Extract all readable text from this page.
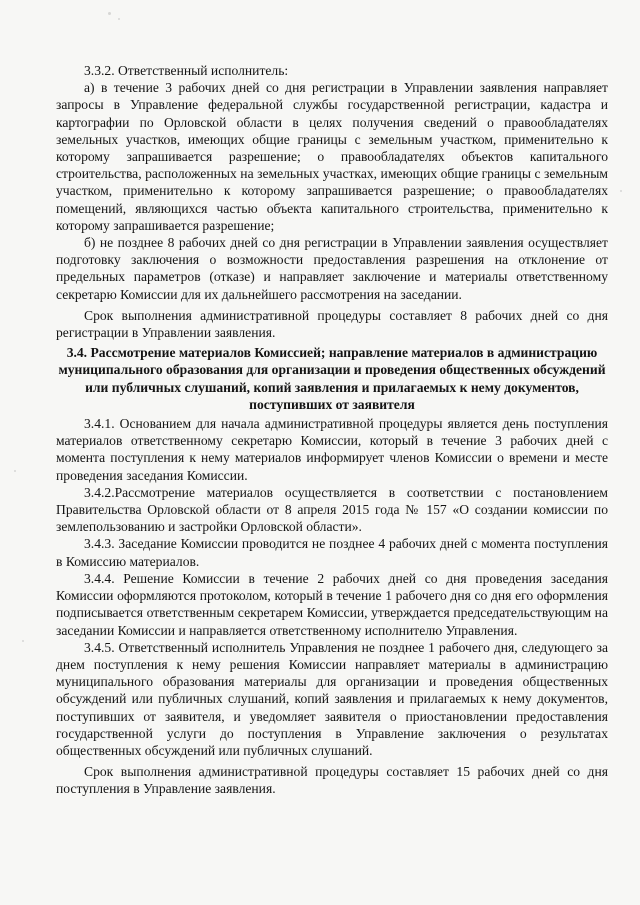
3.3.2. Ответственный исполнитель:

а) в течение 3 рабочих дней со дня регистрации в Управлении заявления направляет запросы в Управление федеральной службы государственной регистрации, кадастра и картографии по Орловской области в целях получения сведений о правообладателях земельных участков, имеющих общие границы с земельным участком, применительно к которому запрашивается разрешение; о правообладателях объектов капитального строительства, расположенных на земельных участках, имеющих общие границы с земельным участком, применительно к которому запрашивается разрешение; о правообладателях помещений, являющихся частью объекта капитального строительства, применительно к которому запрашивается разрешение;

б) не позднее 8 рабочих дней со дня регистрации в Управлении заявления осуществляет подготовку заключения о возможности предоставления разрешения на отклонение от предельных параметров (отказе) и направляет заключение и материалы ответственному секретарю Комиссии для их дальнейшего рассмотрения на заседании.

Срок выполнения административной процедуры составляет 8 рабочих дней со дня регистрации в Управлении заявления.

3.4. Рассмотрение материалов Комиссией; направление материалов в администрацию муниципального образования для организации и проведения общественных обсуждений или публичных слушаний, копий заявления и прилагаемых к нему документов, поступивших от заявителя

3.4.1. Основанием для начала административной процедуры является день поступления материалов ответственному секретарю Комиссии, который в течение 3 рабочих дней с момента поступления к нему материалов информирует членов Комиссии о времени и месте проведения заседания Комиссии.

3.4.2.Рассмотрение материалов осуществляется в соответствии с постановлением Правительства Орловской области от 8 апреля 2015 года № 157 «О создании комиссии по землепользованию и застройки Орловской области».

3.4.3. Заседание Комиссии проводится не позднее 4 рабочих дней с момента поступления в Комиссию материалов.

3.4.4. Решение Комиссии в течение 2 рабочих дней со дня проведения заседания Комиссии оформляются протоколом, который в течение 1 рабочего дня со дня его оформления подписывается ответственным секретарем Комиссии, утверждается председательствующим на заседании Комиссии и направляется ответственному исполнителю Управления.

3.4.5. Ответственный исполнитель Управления не позднее 1 рабочего дня, следующего за днем поступления к нему решения Комиссии направляет материалы в администрацию муниципального образования материалы для организации и проведения общественных обсуждений или публичных слушаний, копий заявления и прилагаемых к нему документов, поступивших от заявителя, и уведомляет заявителя о приостановлении предоставления государственной услуги до поступления в Управление заключения о результатах общественных обсуждений или публичных слушаний.

Срок выполнения административной процедуры составляет 15 рабочих дней со дня поступления в Управление заявления.
